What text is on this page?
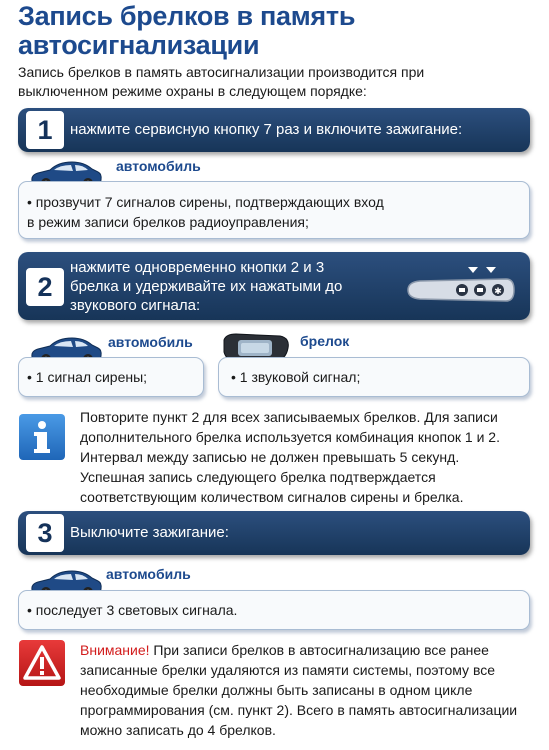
Запись брелков в память автосигнализации
Запись брелков в память автосигнализации производится при выключенном режиме охраны в следующем порядке:
1	нажмите сервисную кнопку 7 раз и включите зажигание:
автомобиль
• прозвучит 7 сигналов сирены, подтверждающих вход
в режим записи брелков радиоуправления;
2
нажмите одновременно кнопки 2 и 3 брелка и удерживайте их нажатыми до звукового сигнала:
✱
автомобиль	брелок
• 1 сигнал сирены;	• 1 звуковой сигнал;
Повторите пункт 2 для всех записываемых брелков. Для записи дополнительного брелка используется комбинация кнопок 1 и 2. Интервал между записью не должен превышать 5 секунд. Успешная запись следующего брелка подтверждается соответствующим количеством сигналов сирены и брелка.
3	Выключите зажигание:
автомобиль
• последует 3 световых сигнала.
Внимание! При записи брелков в автосигнализацию все ранее записанные брелки удаляются из памяти системы, поэтому все необходимые брелки должны быть записаны в одном цикле программирования (см. пункт 2). Всего в память автосигнализации можно записать до 4 брелков.
